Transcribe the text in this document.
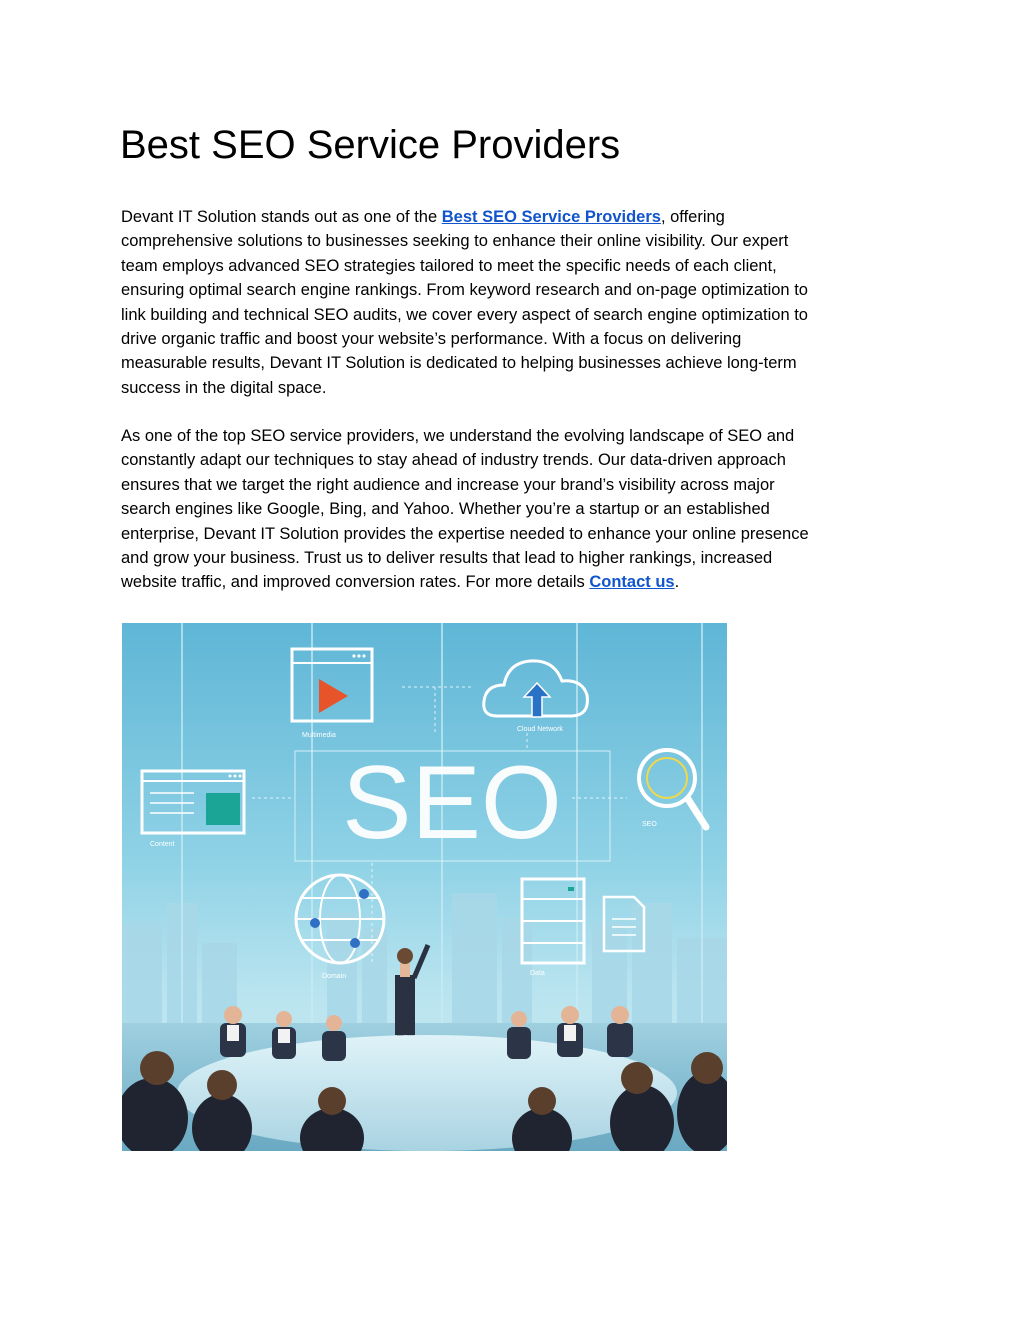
Best SEO Service Providers

Devant IT Solution stands out as one of the Best SEO Service Providers, offering
comprehensive solutions to businesses seeking to enhance their online visibility. Our expert
team employs advanced SEO strategies tailored to meet the specific needs of each client,
ensuring optimal search engine rankings. From keyword research and on-page optimization to
link building and technical SEO audits, we cover every aspect of search engine optimization to
drive organic traffic and boost your website’s performance. With a focus on delivering
measurable results, Devant IT Solution is dedicated to helping businesses achieve long-term
success in the digital space.

As one of the top SEO service providers, we understand the evolving landscape of SEO and
constantly adapt our techniques to stay ahead of industry trends. Our data-driven approach
ensures that we target the right audience and increase your brand’s visibility across major
search engines like Google, Bing, and Yahoo. Whether you’re a startup or an established
enterprise, Devant IT Solution provides the expertise needed to enhance your online presence
and grow your business. Trust us to deliver results that lead to higher rankings, increased
website traffic, and improved conversion rates. For more details Contact us.

SEO
Multimedia
Cloud Network
Content
SEO
Domain	Data
